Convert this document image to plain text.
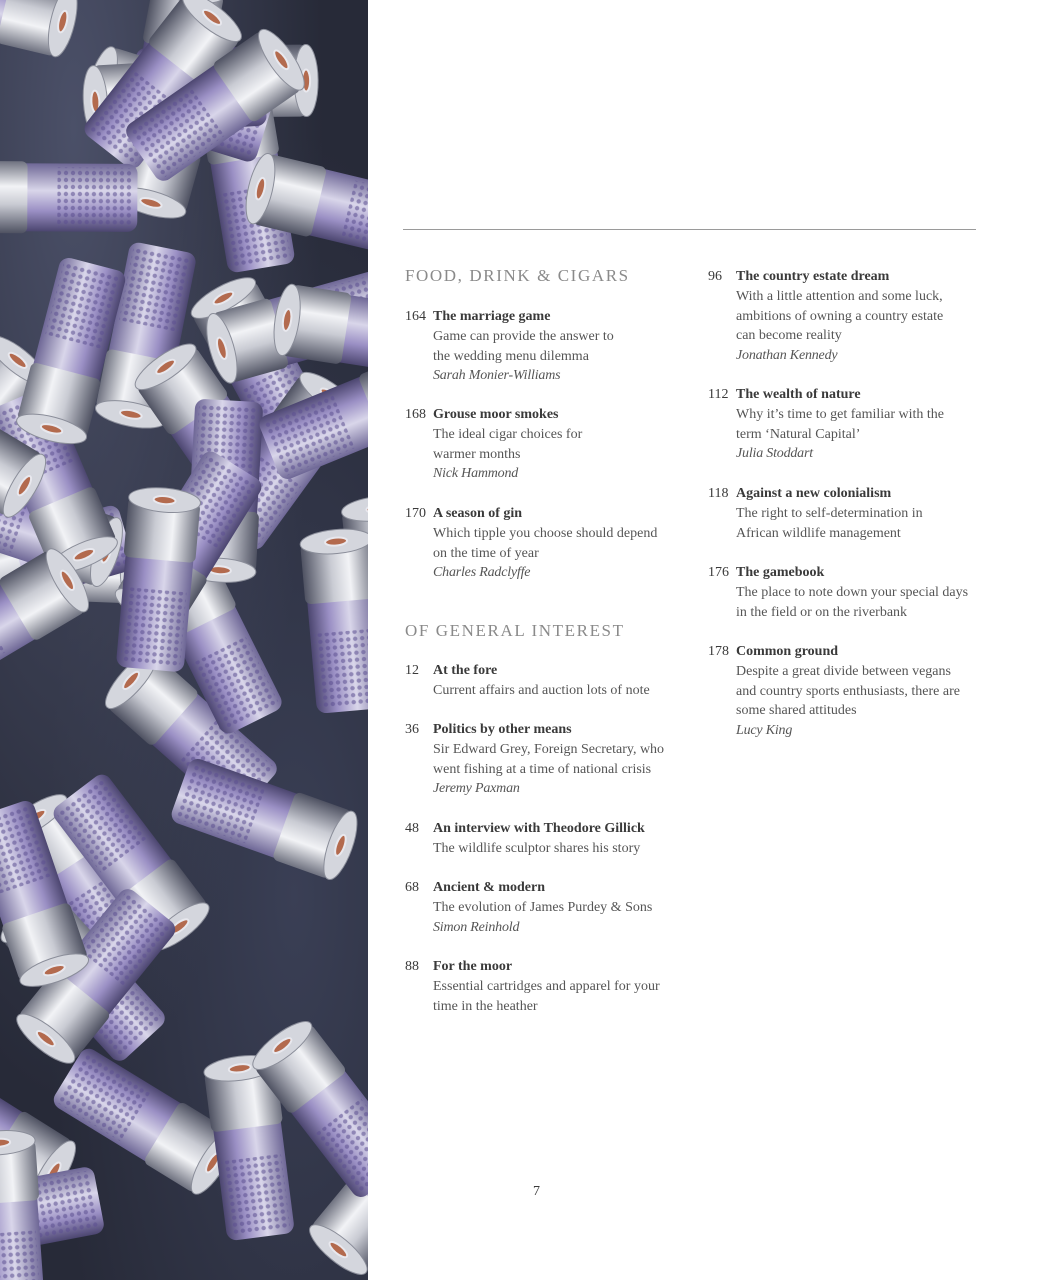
FOOD, DRINK & CIGARS
164 The marriage game
Game can provide the answer to
the wedding menu dilemma
Sarah Monier-Williams
168 Grouse moor smokes
The ideal cigar choices for
warmer months
Nick Hammond
170 A season of gin
Which tipple you choose should depend
on the time of year
Charles Radclyffe
OF GENERAL INTEREST
12 At the fore
Current affairs and auction lots of note
36 Politics by other means
Sir Edward Grey, Foreign Secretary, who
went fishing at a time of national crisis
Jeremy Paxman
48 An interview with Theodore Gillick
The wildlife sculptor shares his story
68 Ancient & modern
The evolution of James Purdey & Sons
Simon Reinhold
88 For the moor
Essential cartridges and apparel for your
time in the heather
96 The country estate dream
With a little attention and some luck,
ambitions of owning a country estate
can become reality
Jonathan Kennedy
112 The wealth of nature
Why it’s time to get familiar with the
term ‘Natural Capital’
Julia Stoddart
118 Against a new colonialism
The right to self-determination in
African wildlife management
176 The gamebook
The place to note down your special days
in the field or on the riverbank
178 Common ground
Despite a great divide between vegans
and country sports enthusiasts, there are
some shared attitudes
Lucy King
7
